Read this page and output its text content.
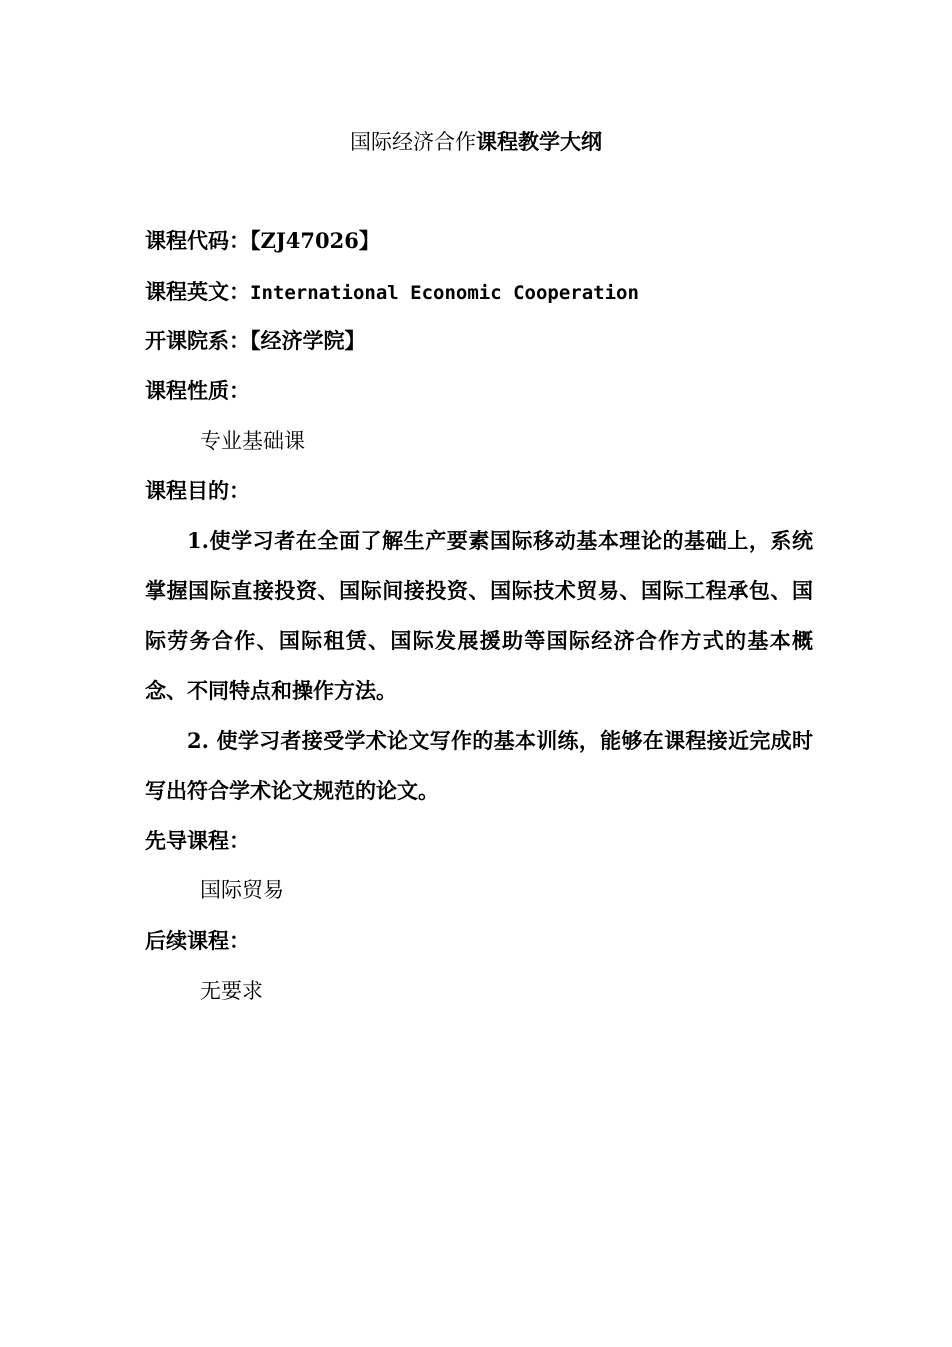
国际经济合作课程教学大纲
课程代码：【ZJ47026】
课程英文：International Economic Cooperation
开课院系：【经济学院】
课程性质：
专业基础课
课程目的：

1.使学习者在全面了解生产要素国际移动基本理论的基础上，系统掌握国际直接投资、国际间接投资、国际技术贸易、国际工程承包、国际劳务合作、国际租赁、国际发展援助等国际经济合作方式的基本概念、不同特点和操作方法。

2. 使学习者接受学术论文写作的基本训练，能够在课程接近完成时写出符合学术论文规范的论文。

先导课程：
国际贸易
后续课程：
无要求
